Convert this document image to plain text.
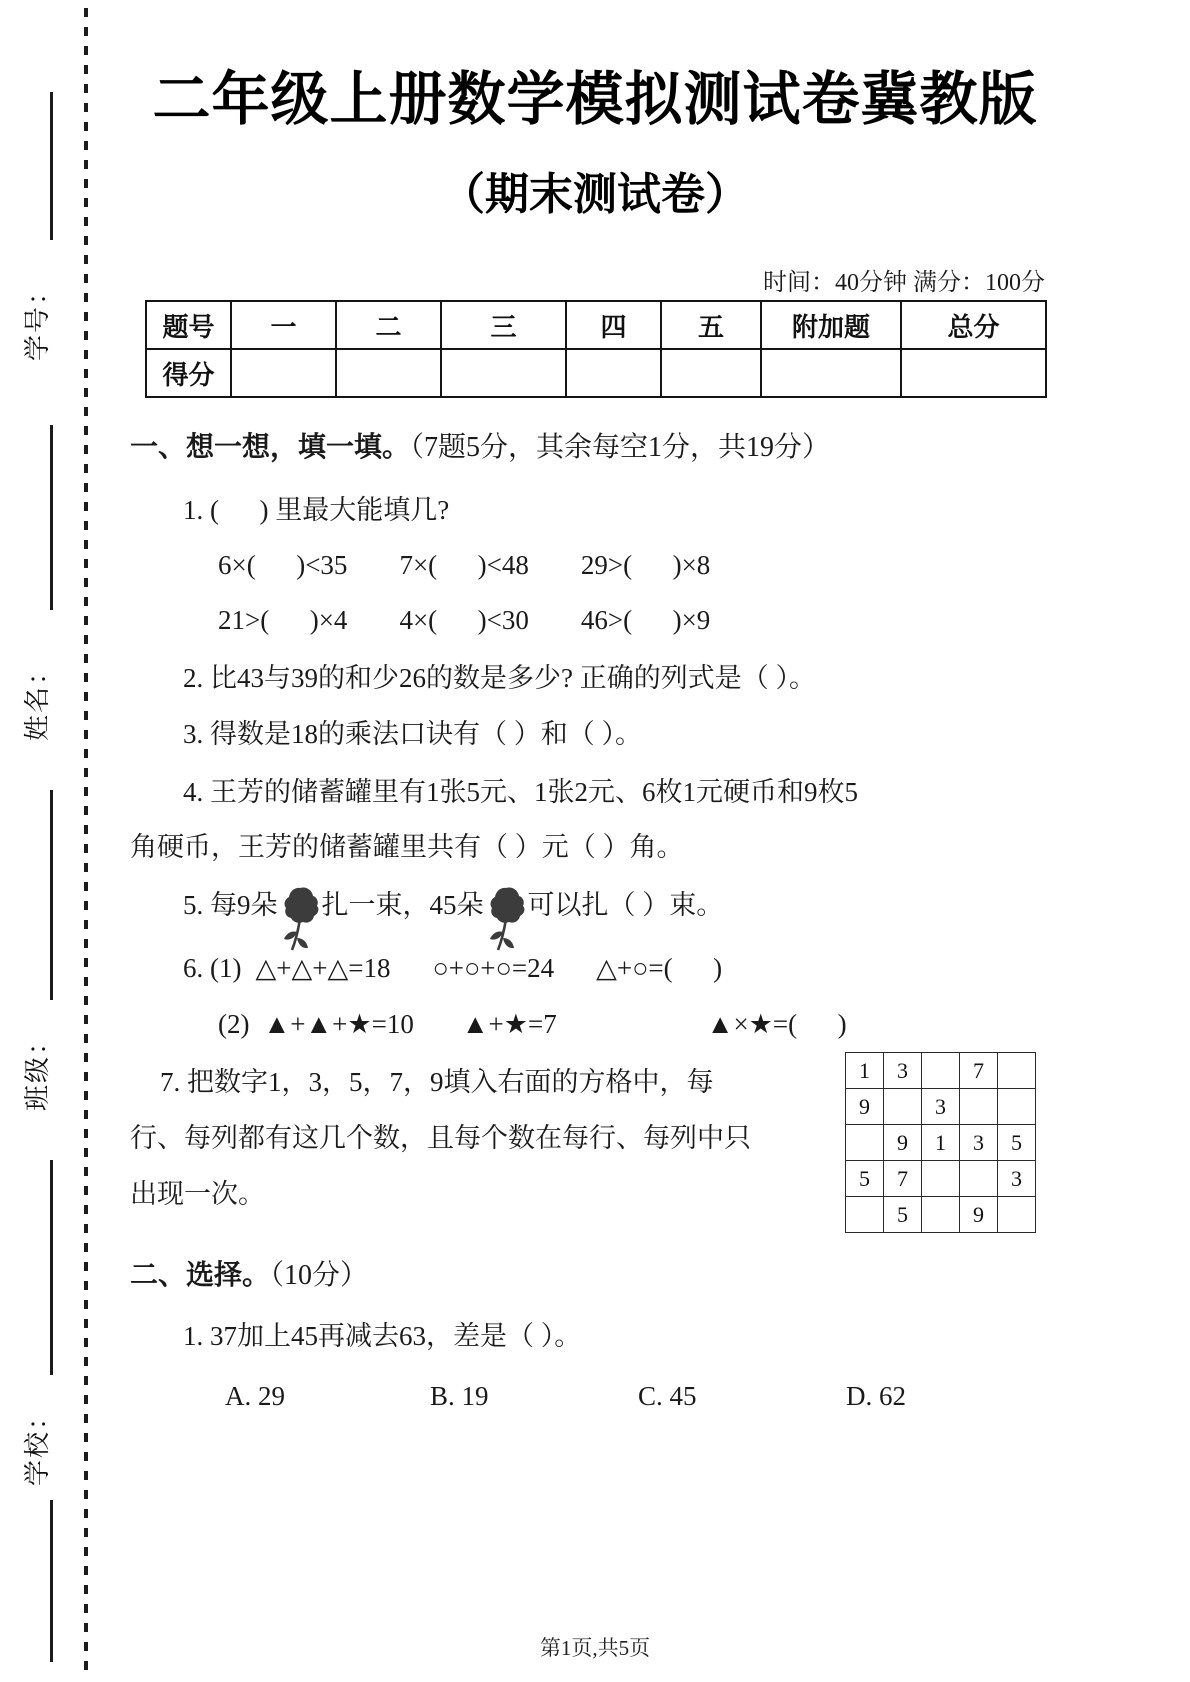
学号：
姓名：
班级：
学校：
二年级上册数学模拟测试卷冀教版
（期末测试卷）
时间：40分钟 满分：100分
题号	一	二	三	四	五	附加题	总分
得分							
一、想一想，填一填。（7题5分，其余每空1分，共19分）
1. (      ) 里最大能填几?
6×(      )<35 7×(      )<48 29>(      )×8
21>(      )×4 4×(      )<30 46>(      )×9
2. 比43与39的和少26的数是多少? 正确的列式是（ ）。
3. 得数是18的乘法口诀有（ ）和（ ）。
4. 王芳的储蓄罐里有1张5元、1张2元、6枚1元硬币和9枚5
角硬币，王芳的储蓄罐里共有（ ）元（ ）角。
5. 每9朵 扎一束，45朵 可以扎（ ）束。
6. (1) △+△+△=18 ○+○+○=24 △+○=(      )
(2) ▲+▲+★=10 ▲+★=7	▲×★=(      )
7. 把数字1，3，5，7，9填入右面的方格中，每
行、每列都有这几个数，且每个数在每行、每列中只
出现一次。
1	3		7	
9		3		
	9	1	3	5
5	7			3
	5		9	
二、选择。（10分）
1. 37加上45再减去63，差是（ ）。
A. 29	B. 19	C. 45	D. 62
第1页,共5页
